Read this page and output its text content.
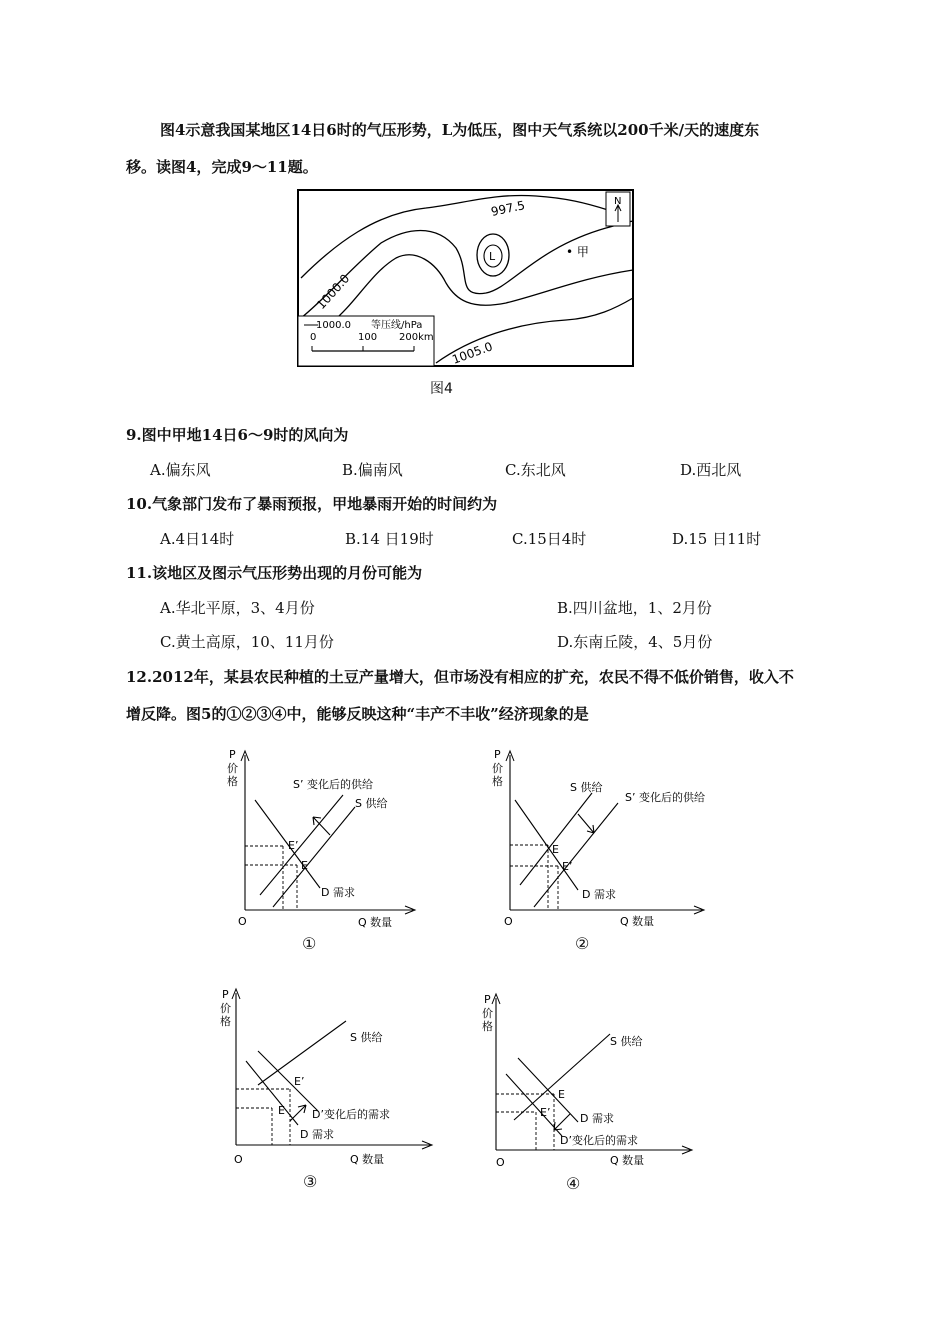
图4示意我国某地区14日6时的气压形势，L为低压，图中天气系统以200千米/天的速度东
移。读图4，完成9～11题。
L
997.5
1000.0
1005.0
N
• 甲
1000.0 等压线/hPa
0	100 200km
图4
9.图中甲地14日6～9时的风向为
A.偏东风	B.偏南风	C.东北风	D.西北风
10.气象部门发布了暴雨预报，甲地暴雨开始的时间约为
A.4日14时	B.14 日19时	C.15日4时	D.15 日11时
11.该地区及图示气压形势出现的月份可能为
A.华北平原，3、4月份	B.四川盆地，1、2月份
C.黄土高原，10、11月份	D.东南丘陵，4、5月份
12.2012年，某县农民种植的土豆产量增大，但市场没有相应的扩充，农民不得不低价销售，收入不
增反降。图5的①②③④中，能够反映这种“丰产不丰收”经济现象的是
P
价
格
O	Q 数量
S’ 变化后的供给
S 供给
E’
E
D 需求
①
P
价
格
O	Q 数量
S 供给
S’ 变化后的供给
E
E’
D 需求
②
P
价
格
O	Q 数量
S 供给
E’
E D’变化后的需求
D 需求
③
P
价
格
O	Q 数量
S 供给
E
E’	D 需求
D’变化后的需求
④
